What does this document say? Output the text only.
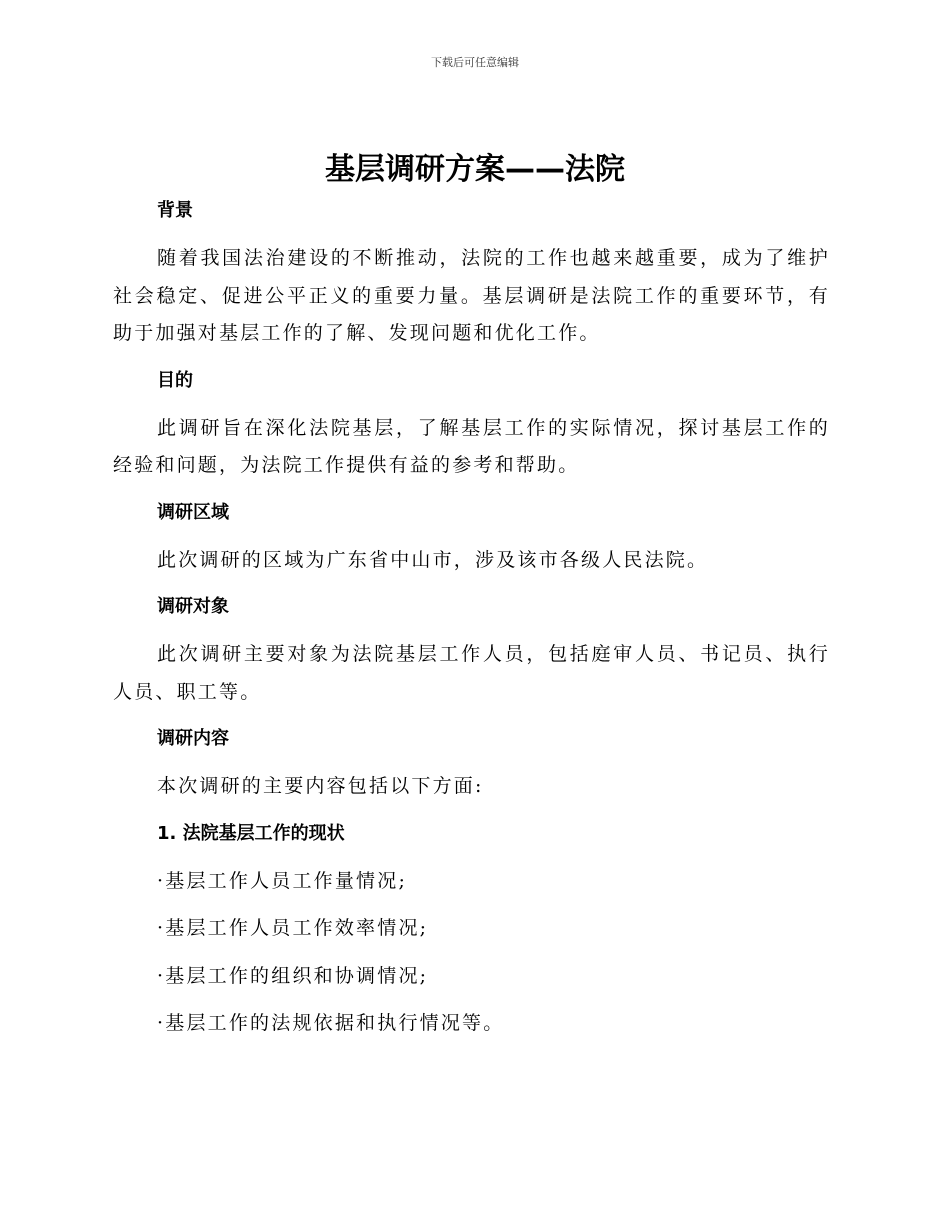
下载后可任意编辑
基层调研方案——法院
背景

随着我国法治建设的不断推动，法院的工作也越来越重要，成为了维护社会稳定、促进公平正义的重要力量。基层调研是法院工作的重要环节，有助于加强对基层工作的了解、发现问题和优化工作。

目的

此调研旨在深化法院基层，了解基层工作的实际情况，探讨基层工作的经验和问题，为法院工作提供有益的参考和帮助。

调研区域

此次调研的区域为广东省中山市，涉及该市各级人民法院。

调研对象

此次调研主要对象为法院基层工作人员，包括庭审人员、书记员、执行人员、职工等。

调研内容

本次调研的主要内容包括以下方面:

1. 法院基层工作的现状
·基层工作人员工作量情况;
·基层工作人员工作效率情况;
·基层工作的组织和协调情况;
·基层工作的法规依据和执行情况等。
